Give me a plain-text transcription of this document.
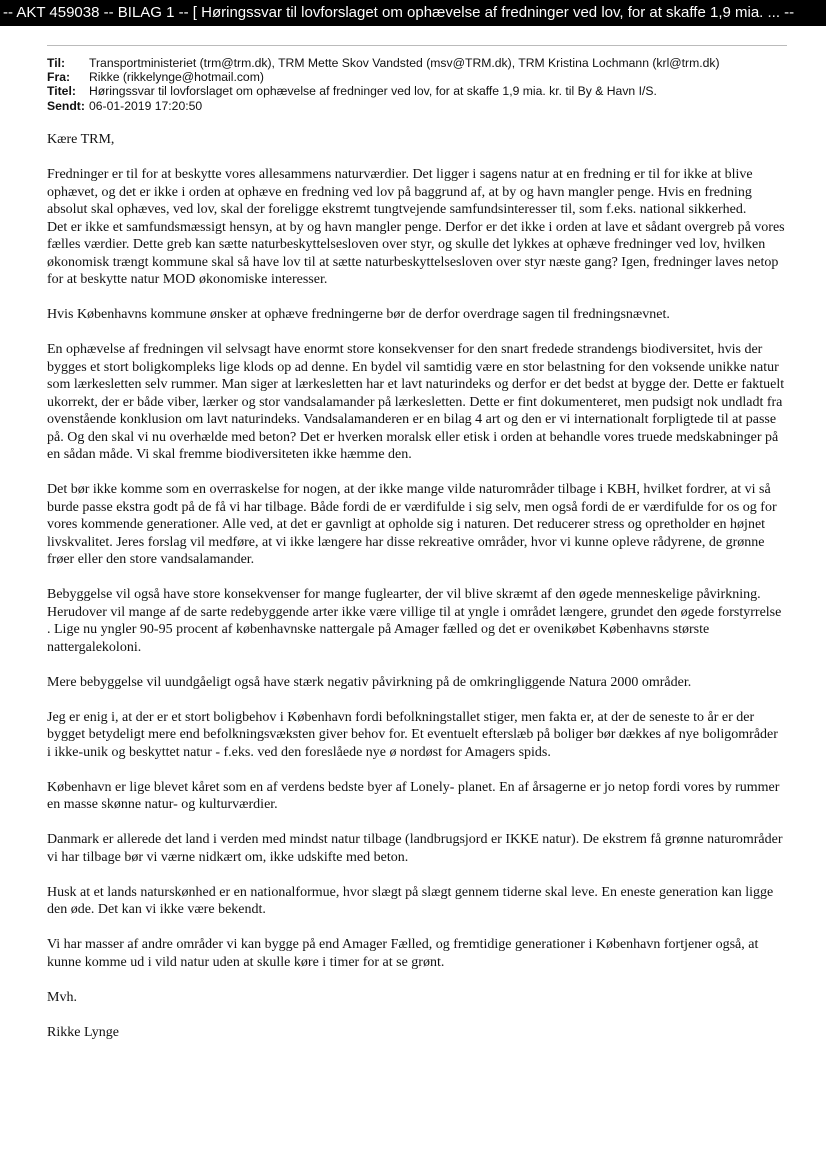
-- AKT 459038 -- BILAG 1 -- [ Høringssvar til lovforslaget om ophævelse af fredninger ved lov, for at skaffe 1,9 mia. ... --
Til:	Transportministeriet (trm@trm.dk), TRM Mette Skov Vandsted (msv@TRM.dk), TRM Kristina Lochmann (krl@trm.dk)
Fra:	Rikke (rikkelynge@hotmail.com)
Titel:	Høringssvar til lovforslaget om ophævelse af fredninger ved lov, for at skaffe 1,9 mia. kr. til By & Havn I/S.
Sendt: 06-01-2019 17:20:50

Kære TRM,

Fredninger er til for at beskytte vores allesammens naturværdier. Det ligger i sagens natur at en fredning er til for ikke at blive ophævet, og det er ikke i orden at ophæve en fredning ved lov på baggrund af, at by og havn mangler penge. Hvis en fredning absolut skal ophæves, ved lov, skal der foreligge ekstremt tungtvejende samfundsinteresser til, som f.eks. national sikkerhed.

Det er ikke et samfundsmæssigt hensyn, at by og havn mangler penge. Derfor er det ikke i orden at lave et sådant overgreb på vores fælles værdier. Dette greb kan sætte naturbeskyttelsesloven over styr, og skulle det lykkes at ophæve fredninger ved lov, hvilken økonomisk trængt kommune skal så have lov til at sætte naturbeskyttelsesloven over styr næste gang? Igen, fredninger laves netop for at beskytte natur MOD økonomiske interesser.

Hvis Københavns kommune ønsker at ophæve fredningerne bør de derfor overdrage sagen til fredningsnævnet.

En ophævelse af fredningen vil selvsagt have enormt store konsekvenser for den snart fredede strandengs biodiversitet, hvis der bygges et stort boligkompleks lige klods op ad denne. En bydel vil samtidig være en stor belastning for den voksende unikke natur som lærkesletten selv rummer. Man siger at lærkesletten har et lavt naturindeks og derfor er det bedst at bygge der. Dette er faktuelt ukorrekt, der er både viber, lærker og stor vandsalamander på lærkesletten. Dette er fint dokumenteret, men pudsigt nok undladt fra ovenstående konklusion om lavt naturindeks. Vandsalamanderen er en bilag 4 art og den er vi internationalt forpligtede til at passe på. Og den skal vi nu overhælde med beton? Det er hverken moralsk eller etisk i orden at behandle vores truede medskabninger på en sådan måde. Vi skal fremme biodiversiteten ikke hæmme den.

Det bør ikke komme som en overraskelse for nogen, at der ikke mange vilde naturområder tilbage i KBH, hvilket fordrer, at vi så burde passe ekstra godt på de få vi har tilbage. Både fordi de er værdifulde i sig selv, men også fordi de er værdifulde for os og for vores kommende generationer. Alle ved, at det er gavnligt at opholde sig i naturen. Det reducerer stress og opretholder en højnet livskvalitet. Jeres forslag vil medføre, at vi ikke længere har disse rekreative områder, hvor vi kunne opleve rådyrene, de grønne frøer eller den store vandsalamander.

Bebyggelse vil også have store konsekvenser for mange fuglearter, der vil blive skræmt af den øgede menneskelige påvirkning. Herudover vil mange af de sarte redebyggende arter ikke være villige til at yngle i området længere, grundet den øgede forstyrrelse . Lige nu yngler 90-95 procent af københavnske nattergale på Amager fælled og det er ovenikøbet Københavns største nattergalekoloni.

Mere bebyggelse vil uundgåeligt også have stærk negativ påvirkning på de omkringliggende Natura 2000 områder.

Jeg er enig i, at der er et stort boligbehov i København fordi befolkningstallet stiger, men fakta er, at der de seneste to år er der bygget betydeligt mere end befolkningsvæksten giver behov for. Et eventuelt efterslæb på boliger bør dækkes af nye boligområder i ikke-unik og beskyttet natur - f.eks. ved den foreslåede nye ø nordøst for Amagers spids.

København er lige blevet kåret som en af verdens bedste byer af Lonely- planet. En af årsagerne er jo netop fordi vores by rummer en masse skønne natur- og kulturværdier.

Danmark er allerede det land i verden med mindst natur tilbage (landbrugsjord er IKKE natur). De ekstrem få grønne naturområder vi har tilbage bør vi værne nidkært om, ikke udskifte med beton.

Husk at et lands naturskønhed er en nationalformue, hvor slægt på slægt gennem tiderne skal leve. En eneste generation kan ligge den øde. Det kan vi ikke være bekendt.

Vi har masser af andre områder vi kan bygge på end Amager Fælled, og fremtidige generationer i København fortjener også, at kunne komme ud i vild natur uden at skulle køre i timer for at se grønt.

Mvh.

Rikke Lynge
